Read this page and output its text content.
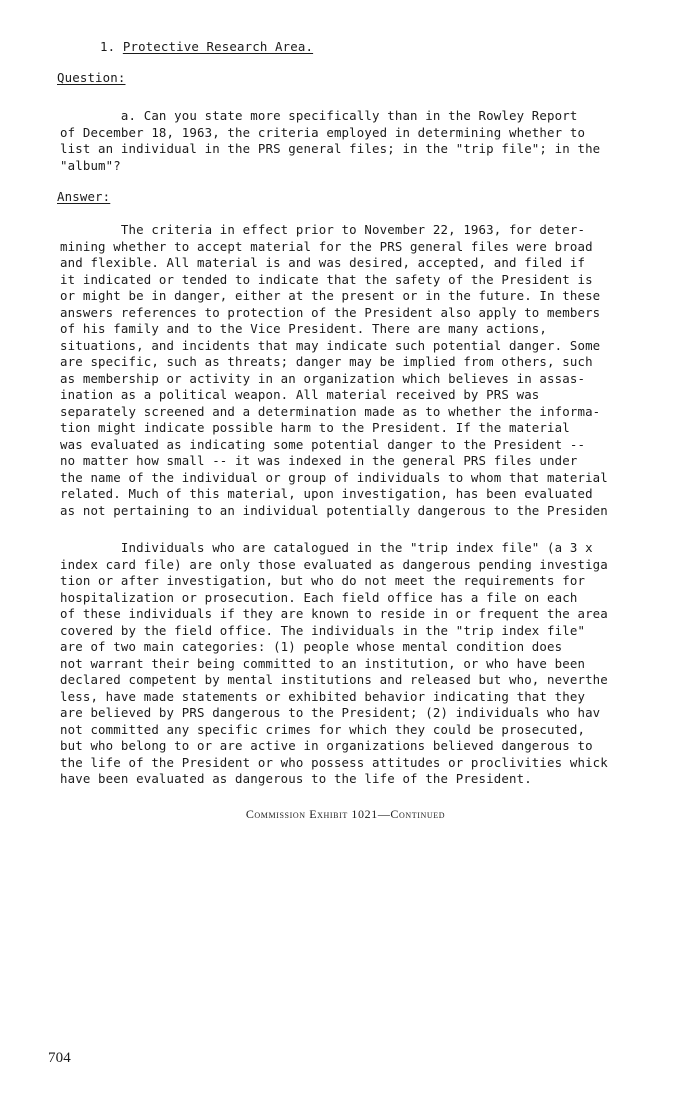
1. Protective Research Area.
Question:
a. Can you state more specifically than in the Rowley Report
of December 18, 1963, the criteria employed in determining whether to
list an individual in the PRS general files; in the "trip file"; in the
"album"?
Answer:
The criteria in effect prior to November 22, 1963, for deter-
mining whether to accept material for the PRS general files were broad
and flexible. All material is and was desired, accepted, and filed if
it indicated or tended to indicate that the safety of the President is
or might be in danger, either at the present or in the future. In these
answers references to protection of the President also apply to members
of his family and to the Vice President. There are many actions,
situations, and incidents that may indicate such potential danger. Some
are specific, such as threats; danger may be implied from others, such
as membership or activity in an organization which believes in assas-
ination as a political weapon. All material received by PRS was
separately screened and a determination made as to whether the informa-
tion might indicate possible harm to the President. If the material
was evaluated as indicating some potential danger to the President --
no matter how small -- it was indexed in the general PRS files under
the name of the individual or group of individuals to whom that material
related. Much of this material, upon investigation, has been evaluated
as not pertaining to an individual potentially dangerous to the Presiden
Individuals who are catalogued in the "trip index file" (a 3 x
index card file) are only those evaluated as dangerous pending investiga
tion or after investigation, but who do not meet the requirements for
hospitalization or prosecution. Each field office has a file on each
of these individuals if they are known to reside in or frequent the area
covered by the field office. The individuals in the "trip index file"
are of two main categories: (1) people whose mental condition does
not warrant their being committed to an institution, or who have been
declared competent by mental institutions and released but who, neverthe
less, have made statements or exhibited behavior indicating that they
are believed by PRS dangerous to the President; (2) individuals who hav
not committed any specific crimes for which they could be prosecuted,
but who belong to or are active in organizations believed dangerous to
the life of the President or who possess attitudes or proclivities whick
have been evaluated as dangerous to the life of the President.
Commission Exhibit 1021—Continued
704
